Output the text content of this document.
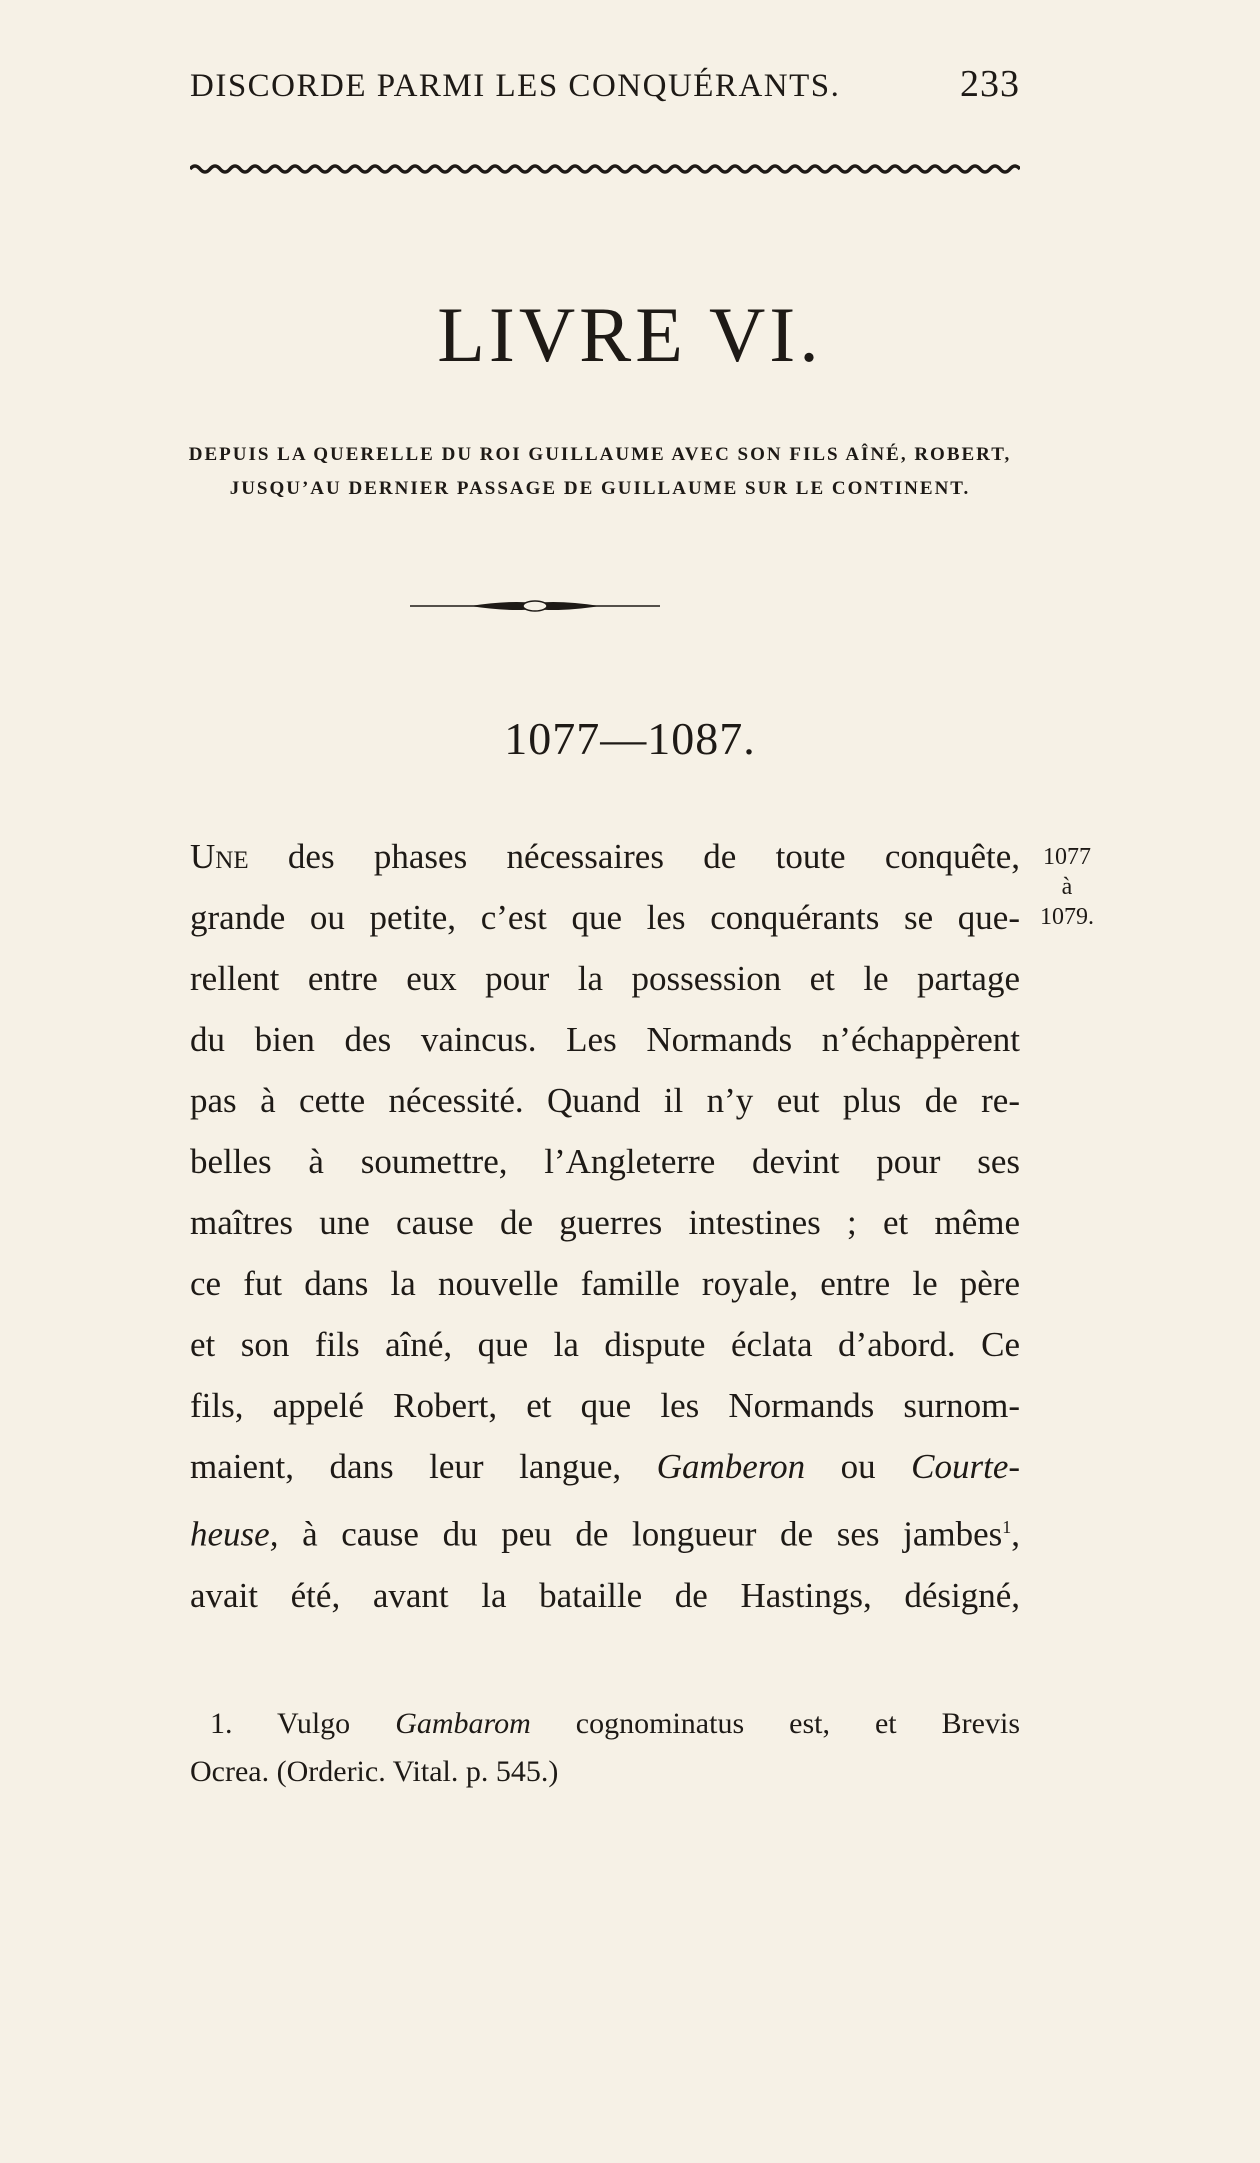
DISCORDE PARMI LES CONQUÉRANTS.	233
LIVRE VI.
DEPUIS LA QUERELLE DU ROI GUILLAUME AVEC SON FILS AÎNÉ, ROBERT,
JUSQU’AU DERNIER PASSAGE DE GUILLAUME SUR LE CONTINENT.
1077—1087.
1077
à
1079.
Une des phases nécessaires de toute conquête,
grande ou petite, c’est que les conquérants se que-
rellent entre eux pour la possession et le partage
du bien des vaincus. Les Normands n’échappèrent
pas à cette nécessité. Quand il n’y eut plus de re-
belles à soumettre, l’Angleterre devint pour ses
maîtres une cause de guerres intestines ; et même
ce fut dans la nouvelle famille royale, entre le père
et son fils aîné, que la dispute éclata d’abord. Ce
fils, appelé Robert, et que les Normands surnom-
maient, dans leur langue, Gamberon ou Courte-
heuse, à cause du peu de longueur de ses jambes$^1$,
avait été, avant la bataille de Hastings, désigné,
1. Vulgo Gambarom cognominatus est, et Brevis
Ocrea. (Orderic. Vital. p. 545.)
